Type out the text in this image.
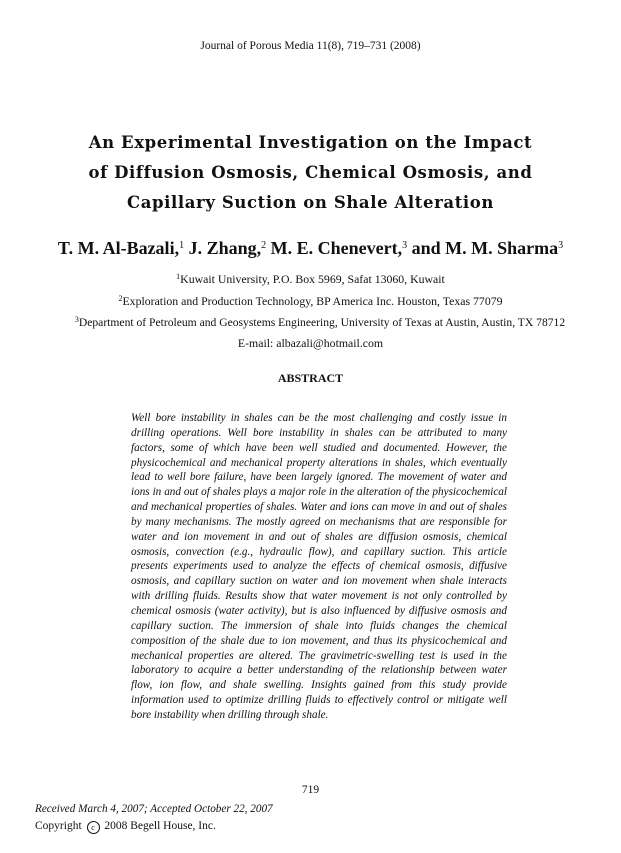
Journal of Porous Media 11(8), 719–731 (2008)
An Experimental Investigation on the Impact
of Diffusion Osmosis, Chemical Osmosis, and
Capillary Suction on Shale Alteration
T. M. Al-Bazali,$^1$ J. Zhang,$^2$ M. E. Chenevert,$^3$ and M. M. Sharma$^3$
$^1$Kuwait University, P.O. Box 5969, Safat 13060, Kuwait
$^2$Exploration and Production Technology, BP America Inc. Houston, Texas 77079
$^3$Department of Petroleum and Geosystems Engineering, University of Texas at Austin, Austin, TX 78712
E-mail: albazali@hotmail.com
ABSTRACT
Well bore instability in shales can be the most challenging and costly issue in drilling operations. Well bore instability in shales can be attributed to many factors, some of which have been well studied and documented. However, the physicochemical and mechanical property alterations in shales, which eventually lead to well bore failure, have been largely ignored. The movement of water and ions in and out of shales plays a major role in the alteration of the physicochemical and mechanical properties of shales. Water and ions can move in and out of shales by many mechanisms. The mostly agreed on mechanisms that are responsible for water and ion movement in and out of shales are diffusion osmosis, chemical osmosis, convection (e.g., hydraulic flow), and capillary suction. This article presents experiments used to analyze the effects of chemical osmosis, diffusive osmosis, and capillary suction on water and ion movement when shale interacts with drilling fluids. Results show that water movement is not only controlled by chemical osmosis (water activity), but is also influenced by diffusive osmosis and capillary suction. The immersion of shale into fluids changes the chemical composition of the shale due to ion movement, and thus its physicochemical and mechanical properties are altered. The gravimetric-swelling test is used in the laboratory to acquire a better understanding of the relationship between water flow, ion flow, and shale swelling. Insights gained from this study provide information used to optimize drilling fluids to effectively control or mitigate well bore instability when drilling through shale.
719
Received March 4, 2007; Accepted October 22, 2007
Copyright c 2008 Begell House, Inc.
